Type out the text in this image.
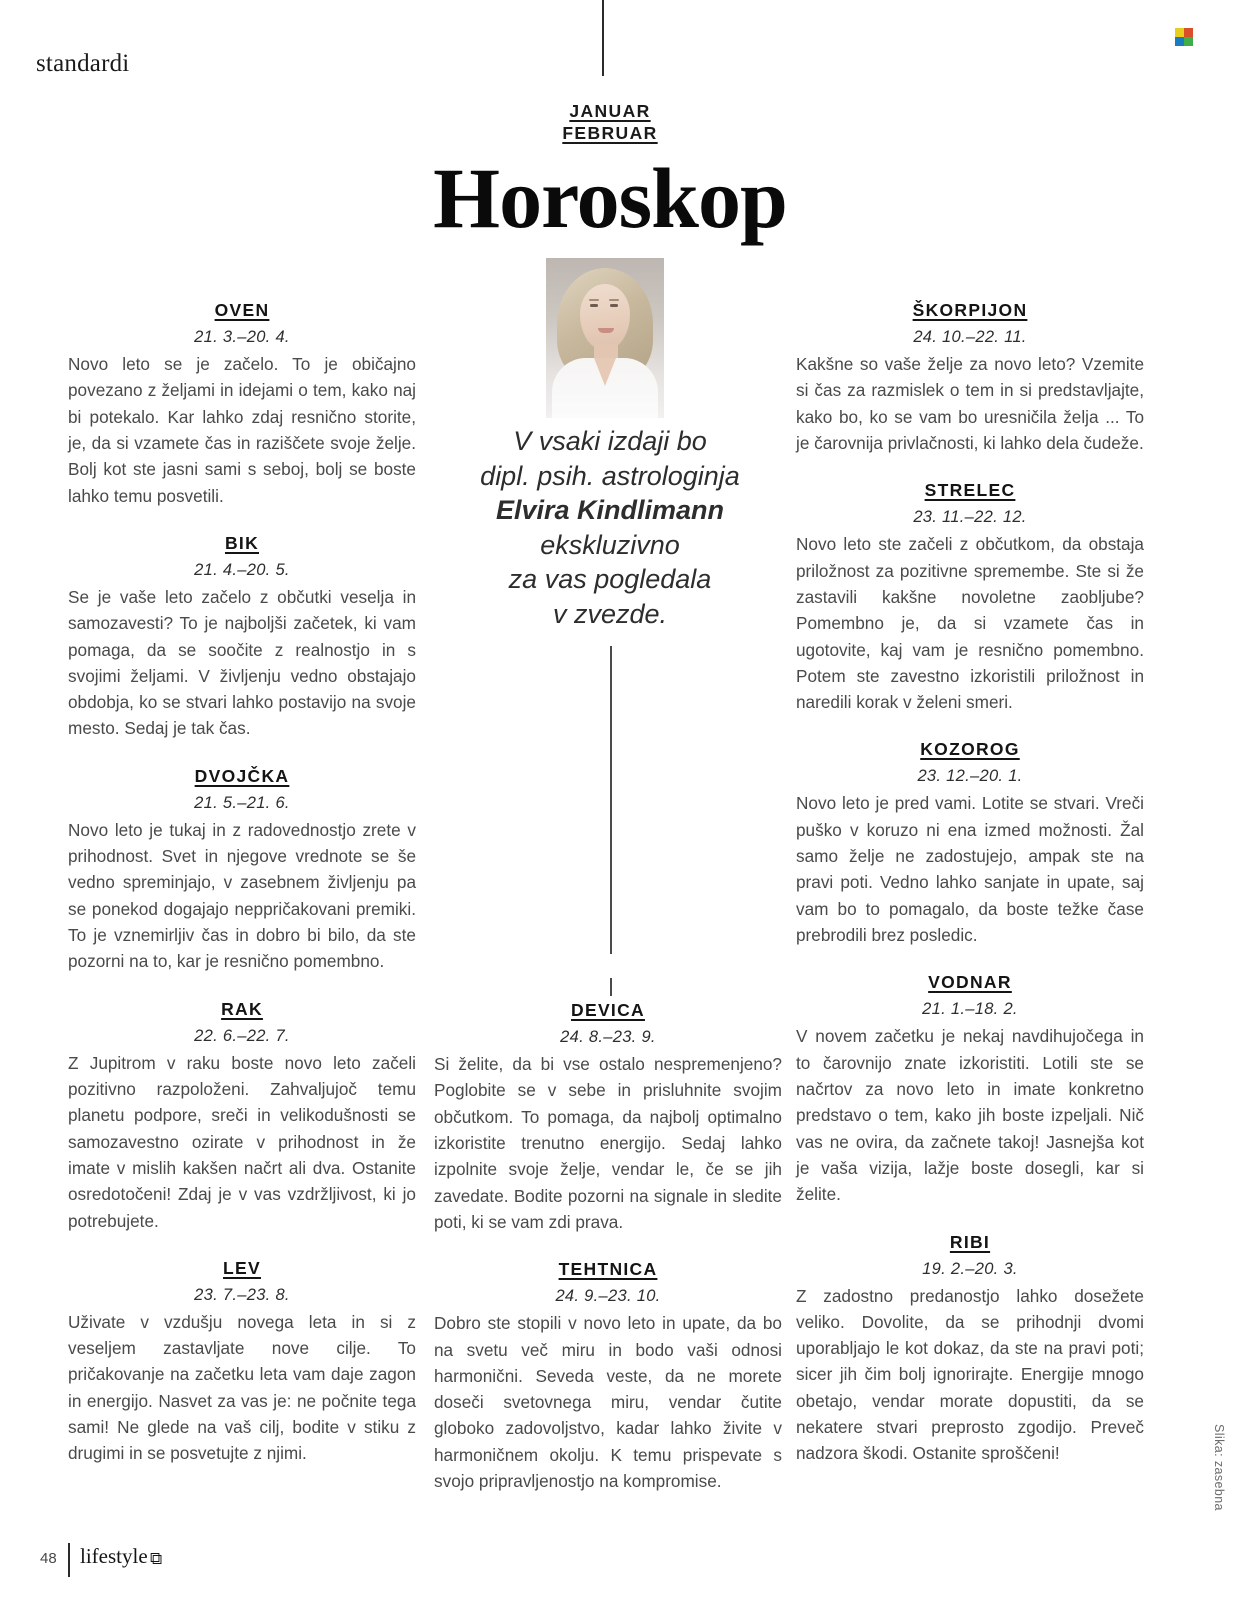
standardi
JANUAR
FEBRUAR
Horoskop
V vsaki izdaji bo
dipl. psih. astrologinja
Elvira Kindlimann
ekskluzivno
za vas pogledala
v zvezde.
OVEN
21. 3.–20. 4.
Novo leto se je začelo. To je običajno povezano z željami in idejami o tem, kako naj bi potekalo. Kar lahko zdaj resnično storite, je, da si vzamete čas in raziščete svoje želje. Bolj kot ste jasni sami s seboj, bolj se boste lahko temu posvetili.
BIK
21. 4.–20. 5.
Se je vaše leto začelo z občutki veselja in samozavesti? To je najboljši začetek, ki vam pomaga, da se soočite z realnostjo in s svojimi željami. V življenju vedno obstajajo obdobja, ko se stvari lahko postavijo na svoje mesto. Sedaj je tak čas.
DVOJČKA
21. 5.–21. 6.
Novo leto je tukaj in z radovednostjo zrete v prihodnost. Svet in njegove vrednote se še vedno spreminjajo, v zasebnem življenju pa se ponekod dogajajo neppričakovani premiki. To je vznemirljiv čas in dobro bi bilo, da ste pozorni na to, kar je resnično pomembno.
RAK
22. 6.–22. 7.
Z Jupitrom v raku boste novo leto začeli pozitivno razpoloženi. Zahvaljujoč temu planetu podpore, sreči in velikodušnosti se samozavestno ozirate v prihodnost in že imate v mislih kakšen načrt ali dva. Ostanite osredotočeni! Zdaj je v vas vzdržljivost, ki jo potrebujete.
LEV
23. 7.–23. 8.
Uživate v vzdušju novega leta in si z veseljem zastavljate nove cilje. To pričakovanje na začetku leta vam daje zagon in energijo. Nasvet za vas je: ne počnite tega sami! Ne glede na vaš cilj, bodite v stiku z drugimi in se posvetujte z njimi.
DEVICA
24. 8.–23. 9.
Si želite, da bi vse ostalo nespremenjeno? Poglobite se v sebe in prisluhnite svojim občutkom. To pomaga, da najbolj optimalno izkoristite trenutno energijo. Sedaj lahko izpolnite svoje želje, vendar le, če se jih zavedate. Bodite pozorni na signale in sledite poti, ki se vam zdi prava.
TEHTNICA
24. 9.–23. 10.
Dobro ste stopili v novo leto in upate, da bo na svetu več miru in bodo vaši odnosi harmonični. Seveda veste, da ne morete doseči svetovnega miru, vendar čutite globoko zadovoljstvo, kadar lahko živite v harmoničnem okolju. K temu prispevate s svojo pripravljenostjo na kompromise.
ŠKORPIJON
24. 10.–22. 11.
Kakšne so vaše želje za novo leto? Vzemite si čas za razmislek o tem in si predstavljajte, kako bo, ko se vam bo uresničila želja ... To je čarovnija privlačnosti, ki lahko dela čudeže.
STRELEC
23. 11.–22. 12.
Novo leto ste začeli z občutkom, da obstaja priložnost za pozitivne spremembe. Ste si že zastavili kakšne novoletne zaobljube? Pomembno je, da si vzamete čas in ugotovite, kaj vam je resnično pomembno. Potem ste zavestno izkoristili priložnost in naredili korak v želeni smeri.
KOZOROG
23. 12.–20. 1.
Novo leto je pred vami. Lotite se stvari. Vreči puško v koruzo ni ena izmed možnosti. Žal samo želje ne zadostujejo, ampak ste na pravi poti. Vedno lahko sanjate in upate, saj vam bo to pomagalo, da boste težke čase prebrodili brez posledic.
VODNAR
21. 1.–18. 2.
V novem začetku je nekaj navdihujočega in to čarovnijo znate izkoristiti. Lotili ste se načrtov za novo leto in imate konkretno predstavo o tem, kako jih boste izpeljali. Nič vas ne ovira, da začnete takoj! Jasnejša kot je vaša vizija, lažje boste dosegli, kar si želite.
RIBI
19. 2.–20. 3.
Z zadostno predanostjo lahko dosežete veliko. Dovolite, da se prihodnji dvomi uporabljajo le kot dokaz, da ste na pravi poti; sicer jih čim bolj ignorirajte. Energije mnogo obetajo, vendar morate dopustiti, da se nekatere stvari preprosto zgodijo. Preveč nadzora škodi. Ostanite sproščeni!	Slika: zasebna
48 lifestyle ⧉
